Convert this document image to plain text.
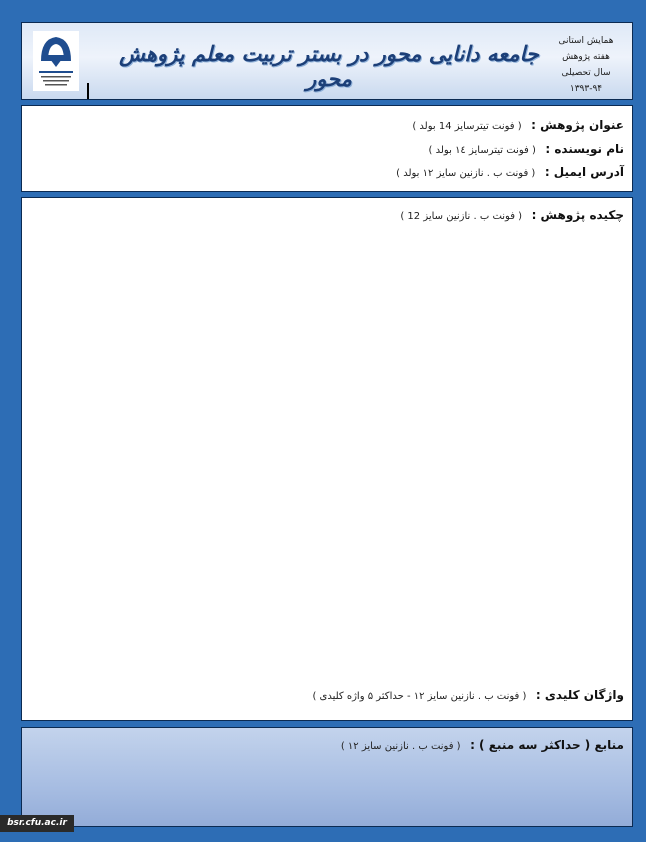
جامعه دانایی محور در بستر تربیت معلم پژوهش محور
همایش استانی
هفته پژوهش
سال تحصیلی
۱۳۹۳-۹۴
عنوان پژوهش : ( فونت تیترسایز 14 بولد )
نام نویسنده : ( فونت تیترسایز ١٤ بولد )
آدرس ایمیل : ( فونت ب . نازنین سایز ١٢ بولد )
چکیده پژوهش : ( فونت ب . نازنین سایز 12 )
واژگان کلیدی : ( فونت ب . نازنین سایز ١٢ - حداکثر ۵ واژه کلیدی )
منابع ( حداکثر سه منبع ) : ( فونت ب . نازنین سایز ١٢ )
bsr.cfu.ac.ir
